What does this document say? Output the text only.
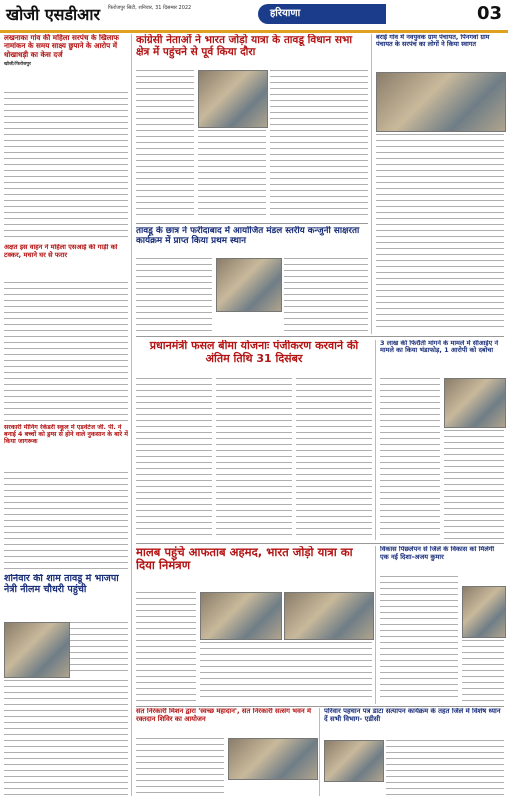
खोजी एसडीआर फिरोजपुर सिटी, शनिवार, 31 दिसम्बर 2022	हरियाणा	03
लखनाका गांव की महिला सरपंच के खिलाफ नामांकन के समय साक्ष्य छुपाने के आरोप में धोखाधड़ी का केस दर्ज
खोजी/फिरोजपुर
अक्षत इस वाहन ने महिला एसआई की गाड़ी को टक्कर, मचाने घर से फरार
सरकारी मीनिंग रेकेंडरी स्कूल में एडवेंटेज जी. पी. ने बनाई 4 बच्चों को ड्रग्स से होने वाले नुकसान के बारे में किया जागरूक
शनिवार की शाम तावडू में भाजपा नेत्री नीलम चौधरी पहुंची
कांग्रेसी नेताओं ने भारत जोड़ो यात्रा के तावडू विधान सभा क्षेत्र में पहुंचने से पूर्व किया दौरा
तावडू के छात्र ने फरीदाबाद में आयोजित मंडल स्तरीय कन्जुनी साक्षरता कार्यक्रम में प्राप्त किया प्रथम स्थान
बराई गांव में नवयुवक ग्राम पंचायत, पिनगवां ग्राम पंचायत के सरपंच का लोगों ने किया स्वागत
प्रधानमंत्री फसल बीमा योजनाः पंजीकरण करवाने की अंतिम तिथि 31 दिसंबर
3 लाख की फिरौती मांगने के मामले में सीआईए ने मामले का किया भंडाफोड़, 1 आरोपी को दबोचा
मालब पहुंचे आफताब अहमद, भारत जोड़ो यात्रा का दिया निमंत्रण
विकास पिछलेपन से जिले के विकास को मिलेगी एक नई दिशा-अजय कुमार
संत निरंकारी मिशन द्वारा 'स्वच्छ महादान', संत निरंकारी सत्संग भवन में रक्तदान शिविर का आयोजन
परिवार पहचान पत्र डाटा सत्यापन कार्यक्रम के तहत जिले में विशेष ध्यान दें सभी विभाग- एडीसी
